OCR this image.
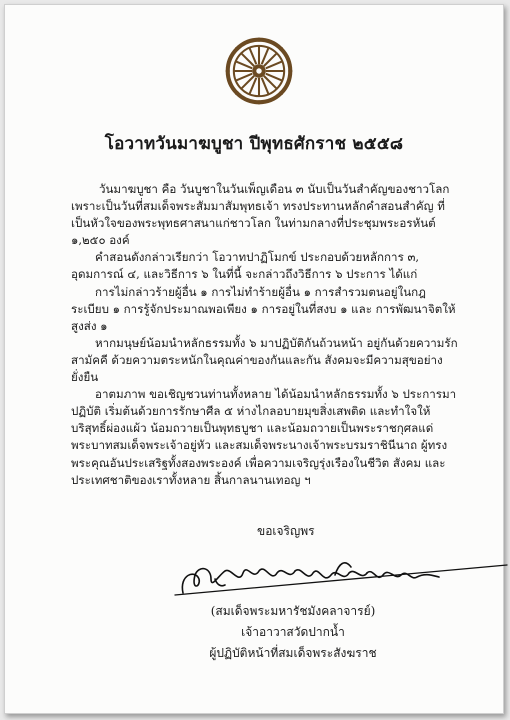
โอวาทวันมาฆบูชา ปีพุทธศักราช ๒๕๕๘

วันมาฆบูชา คือ วันบูชาในวันเพ็ญเดือน ๓ นับเป็นวันสำคัญของชาวโลก เพราะเป็นวันที่สมเด็จพระสัมมาสัมพุทธเจ้า ทรงประทานหลักคำสอนสำคัญ ที่เป็นหัวใจของพระพุทธศาสนาแก่ชาวโลก ในท่ามกลางที่ประชุมพระอรหันต์ ๑,๒๕๐ องค์

คำสอนดังกล่าวเรียกว่า โอวาทปาฏิโมกข์ ประกอบด้วยหลักการ ๓, อุดมการณ์ ๔, และวิธีการ ๖ ในที่นี้ จะกล่าวถึงวิธีการ ๖ ประการ ได้แก่

การไม่กล่าวร้ายผู้อื่น ๑ การไม่ทำร้ายผู้อื่น ๑ การสำรวมตนอยู่ในกฎระเบียบ ๑ การรู้จักประมาณพอเพียง ๑ การอยู่ในที่สงบ ๑ และ การพัฒนาจิตให้สูงส่ง ๑

หากมนุษย์น้อมนำหลักธรรมทั้ง ๖ มาปฏิบัติกันถ้วนหน้า อยู่กันด้วยความรักสามัคคี ด้วยความตระหนักในคุณค่าของกันและกัน สังคมจะมีความสุขอย่างยั่งยืน

อาตมภาพ ขอเชิญชวนท่านทั้งหลาย ได้น้อมนำหลักธรรมทั้ง ๖ ประการมาปฏิบัติ เริ่มต้นด้วยการรักษาศีล ๕ ห่างไกลอบายมุขสิ่งเสพติด และทำใจให้บริสุทธิ์ผ่องแผ้ว น้อมถวายเป็นพุทธบูชา และน้อมถวายเป็นพระราชกุศลแด่พระบาทสมเด็จพระเจ้าอยู่หัว และสมเด็จพระนางเจ้าพระบรมราชินีนาถ ผู้ทรงพระคุณอันประเสริฐทั้งสองพระองค์ เพื่อความเจริญรุ่งเรืองในชีวิต สังคม และประเทศชาติของเราทั้งหลาย สิ้นกาลนานเทอญ ฯ

ขอเจริญพร
(สมเด็จพระมหารัชมังคลาจารย์)
เจ้าอาวาสวัดปากน้ำ
ผู้ปฏิบัติหน้าที่สมเด็จพระสังฆราช
